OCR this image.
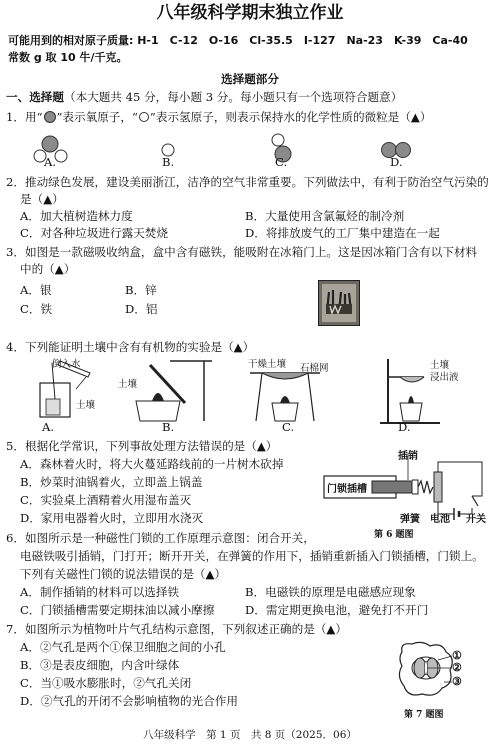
八年级科学期末独立作业
可能用到的相对原子质量: H-1　C-12　O-16　Cl-35.5　I-127　Na-23　K-39　Ca-40
常数 g 取 10 牛/千克。
选择题部分
一、选择题（本大题共 45 分，每小题 3 分。每小题只有一个选项符合题意）
1．用“ ”表示氧原子，“ ”表示氢原子，则表示保持水的化学性质的微粒是（▲）
A.	B.	C.	D.
2．推动绿色发展，建设美丽浙江，洁净的空气非常重要。下列做法中，有利于防治空气污染的
是（▲）
A．加大植树造林力度	B．大量使用含氯氟烃的制冷剂
C．对各种垃圾进行露天焚烧	D．将排放废气的工厂集中建造在一起
3．如图是一款磁吸收纳盒，盒中含有磁铁，能吸附在冰箱门上。这是因冰箱门含有以下材料
中的（▲）
A．银	B．锌
C．铁	D．铝
4．下列能证明土壤中含有有机物的实验是（▲）
倒入水
土壤
土壤
干燥土壤 石棉网	土壤
浸出液
A.	B.	C.	D.
5．根据化学常识，下列事故处理方法错误的是（▲）
A．森林着火时，将大火蔓延路线前的一片树木砍掉
B．炒菜时油锅着火，立即盖上锅盖
C．实验桌上酒精着火用湿布盖灭
D．家用电器着火时，立即用水浇灭
插销
门锁插槽
弹簧 电池 开关
第 6 题图
6．如图所示是一种磁性门锁的工作原理示意图：闭合开关，
电磁铁吸引插销，门打开；断开开关，在弹簧的作用下，插销重新插入门锁插槽，门锁上。
下列有关磁性门锁的说法错误的是（▲）
A．制作插销的材料可以选择铁	B．电磁铁的原理是电磁感应现象
C．门锁插槽需要定期抹油以减小摩擦	D．需定期更换电池，避免打不开门
7．如图所示为植物叶片气孔结构示意图，下列叙述正确的是（▲）
A．②气孔是两个①保卫细胞之间的小孔
B．③是表皮细胞，内含叶绿体
C．当①吸水膨胀时，②气孔关闭
D．②气孔的开闭不会影响植物的光合作用
①
②
③
第 7 题图
八年级科学　第 1 页　共 8 页（2025．06）
